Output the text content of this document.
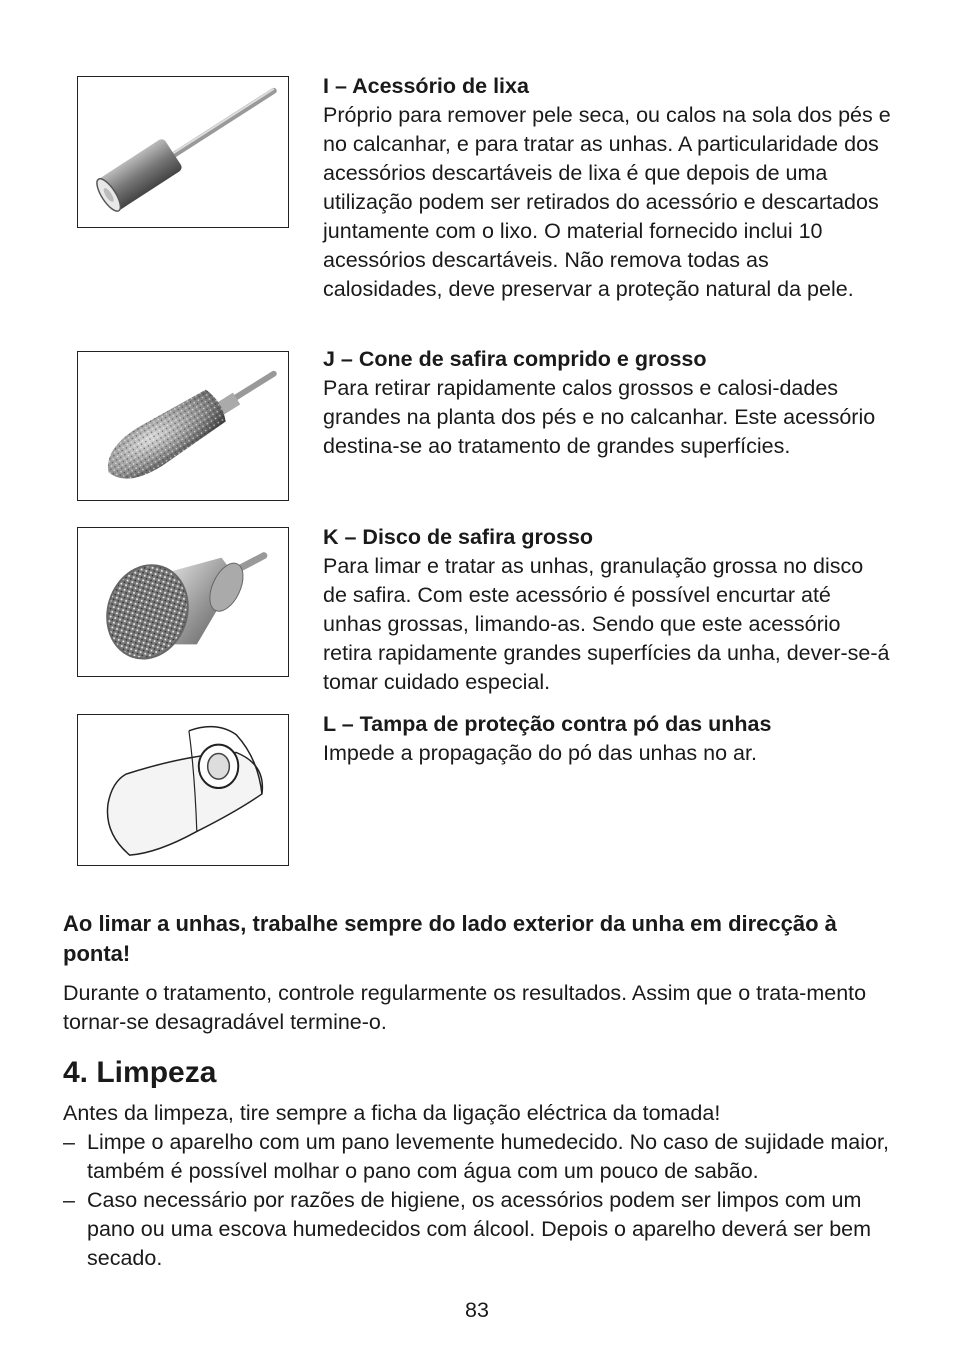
I – Acessório de lixa
Próprio para remover pele seca, ou calos na sola dos pés e no calcanhar, e para tratar as unhas. A particularidade dos acessórios descartáveis de lixa é que depois de uma utilização podem ser retirados do acessório e descartados juntamente com o lixo. O material fornecido inclui 10 acessórios descartáveis. Não remova todas as calosidades, deve preservar a proteção natural da pele.
J – Cone de safira comprido e grosso
Para retirar rapidamente calos grossos e calosi-dades grandes na planta dos pés e no calcanhar. Este acessório destina-se ao tratamento de grandes superfícies.
K – Disco de safira grosso
Para limar e tratar as unhas, granulação grossa no disco de safira. Com este acessório é possível encurtar até unhas grossas, limando-as. Sendo que este acessório retira rapidamente grandes superfícies da unha, dever-se-á tomar cuidado especial.
L – Tampa de proteção contra pó das unhas
Impede a propagação do pó das unhas no ar.
Ao limar a unhas, trabalhe sempre do lado exterior da unha em direcção à ponta!
Durante o tratamento, controle regularmente os resultados. Assim que o trata-mento tornar-se desagradável termine-o.
4. Limpeza
Antes da limpeza, tire sempre a ficha da ligação eléctrica da tomada!
– Limpe o aparelho com um pano levemente humedecido. No caso de sujidade maior, também é possível molhar o pano com água com um pouco de sabão.
– Caso necessário por razões de higiene, os acessórios podem ser limpos com um pano ou uma escova humedecidos com álcool. Depois o aparelho deverá ser bem secado.
83
